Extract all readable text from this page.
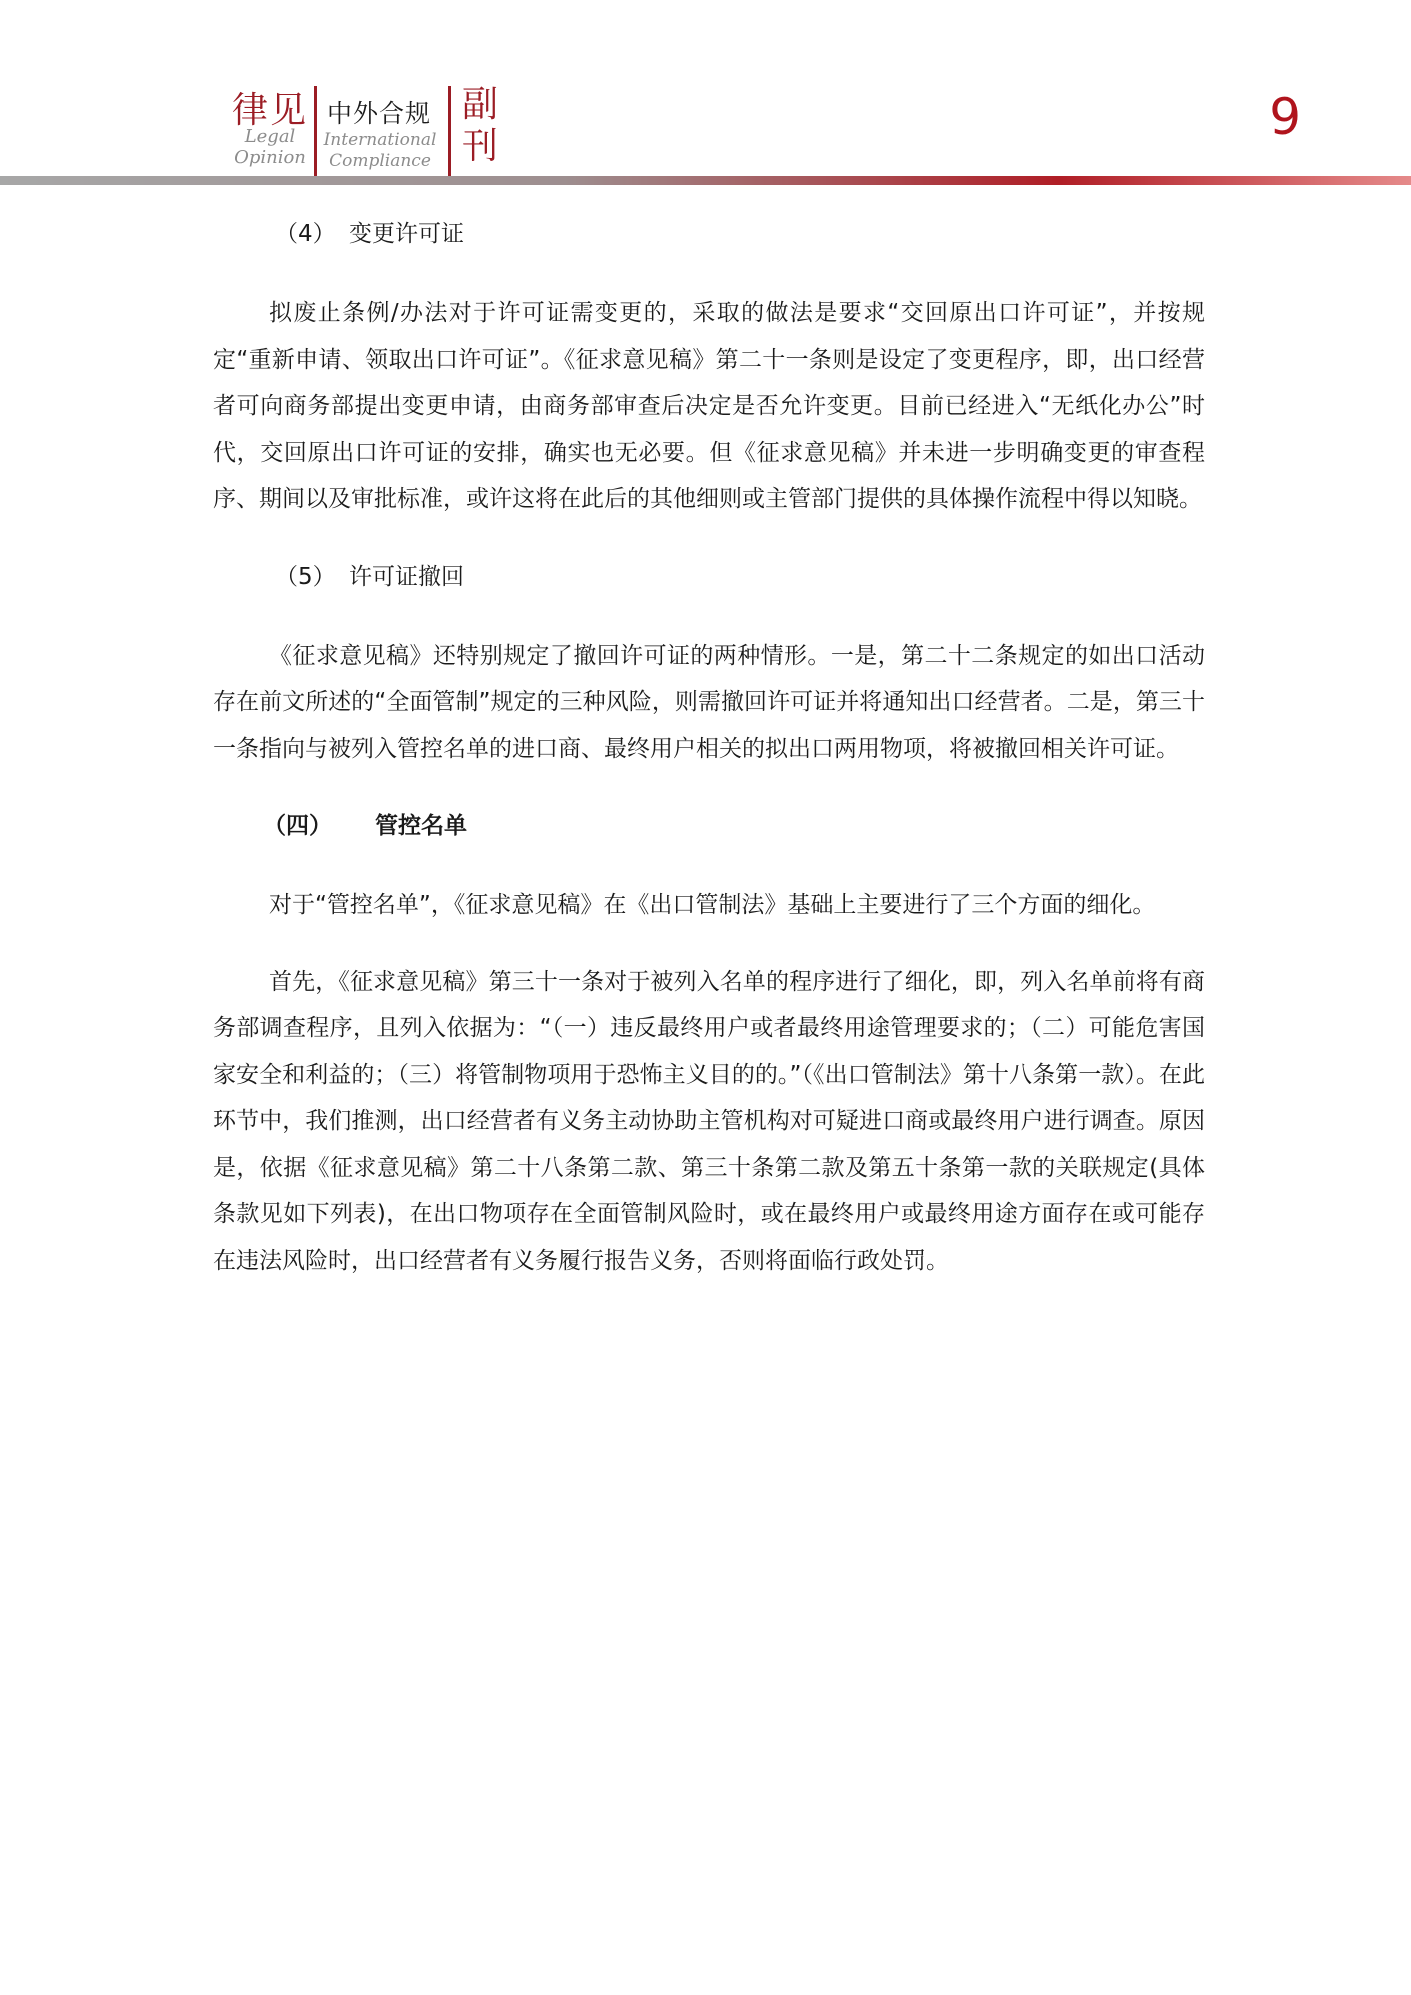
律见
Legal
Opinion
中外合规
International
Compliance
副
刊
9

（4） 变更许可证

拟废止条例/办法对于许可证需变更的，采取的做法是要求“交回原出口许可证”，并按规定“重新申请、领取出口许可证”。《征求意见稿》第二十一条则是设定了变更程序，即，出口经营者可向商务部提出变更申请，由商务部审查后决定是否允许变更。目前已经进入“无纸化办公”时代，交回原出口许可证的安排，确实也无必要。但《征求意见稿》并未进一步明确变更的审查程序、期间以及审批标准，或许这将在此后的其他细则或主管部门提供的具体操作流程中得以知晓。

（5） 许可证撤回

《征求意见稿》还特别规定了撤回许可证的两种情形。一是，第二十二条规定的如出口活动存在前文所述的“全面管制”规定的三种风险，则需撤回许可证并将通知出口经营者。二是，第三十一条指向与被列入管控名单的进口商、最终用户相关的拟出口两用物项，将被撤回相关许可证。

（四） 管控名单

对于“管控名单”，《征求意见稿》在《出口管制法》基础上主要进行了三个方面的细化。

首先，《征求意见稿》第三十一条对于被列入名单的程序进行了细化，即，列入名单前将有商务部调查程序，且列入依据为：“（一）违反最终用户或者最终用途管理要求的；（二）可能危害国家安全和利益的；（三）将管制物项用于恐怖主义目的的。”（《出口管制法》第十八条第一款）。在此环节中，我们推测，出口经营者有义务主动协助主管机构对可疑进口商或最终用户进行调查。原因是，依据《征求意见稿》第二十八条第二款、第三十条第二款及第五十条第一款的关联规定(具体条款见如下列表)，在出口物项存在全面管制风险时，或在最终用户或最终用途方面存在或可能存在违法风险时，出口经营者有义务履行报告义务，否则将面临行政处罚。
